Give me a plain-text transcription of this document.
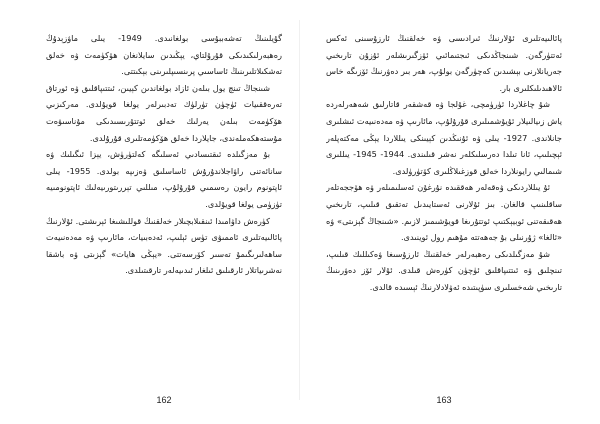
گۇيلىنىڭ تەشەببۇسى بولغانىدى. 1949- يىلى ماۋزېدۇڭ رەھبەرلىكىدىكى قۇرۇلتاي، يېڭىدىن سايلانغان ھۆكۈمەت ۋە خەلق تەشكىلاتلىرىنىڭ ئاساسىي پرىنسىپلىرىنى بېكىتتى.

شىنجاڭ تىنچ يول بىلەن ئازاد بولغاندىن كېيىن، ئىتتىپاقلىق ۋە ئورتاق تەرەققىيات ئۈچۈن تۈرلۈك تەدبىرلەر يولغا قويۇلدى. مەركىزىي ھۆكۈمەت بىلەن يەرلىك خەلق ئوتتۇرىسىدىكى مۇناسىۋەت مۇستەھكەملەندى، جايلاردا خەلق ھۆكۈمەتلىرى قۇرۇلدى.

بۇ مەزگىلدە ئىقتىسادىي ئەسلىگە كەلتۈرۈش، يېزا ئىگىلىك ۋە سانائەتنى راۋاجلاندۇرۇش ئاساسلىق ۋەزىپە بولدى. 1955- يىلى ئاپتونوم رايون رەسمىي قۇرۇلۇپ، مىللىي تېررىتورىيەلىك ئاپتونومىيە تۈزۈمى يولغا قويۇلدى.

كۈرەش داۋامىدا ئىنقىلابچىلار خەلقنىڭ قوللىشىغا ئېرىشتى. ئۇلارنىڭ پائالىيەتلىرى ئاممىۋى تۈس ئېلىپ، ئەدەبىيات، مائارىپ ۋە مەدەنىيەت ساھەلىرىگىمۇ تەسىر كۆرسەتتى. «يېڭى ھايات» گېزىتى ۋە باشقا نەشرىياتلار ئارقىلىق ئىلغار ئىدىيەلەر تارقىتىلدى.

پائالىيەتلىرى ئۇلارنىڭ ئىرادىسى ۋە خەلقنىڭ ئارزۇسىنى ئەكس ئەتتۈرگەن. شىنجاڭدىكى ئىجتىمائىي ئۆزگىرىشلەر ئۇزۇن تارىخىي جەريانلارنى بېشىدىن كەچۈرگەن بولۇپ، ھەر بىر دەۋرنىڭ ئۆزىگە خاس ئالاھىدىلىكلىرى بار.

شۇ چاغلاردا ئۈرۈمچى، غۇلجا ۋە قەشقەر قاتارلىق شەھەرلەردە ياش زىيالىيلار ئۇيۇشمىلىرى قۇرۇلۇپ، مائارىپ ۋە مەدەنىيەت ئىشلىرى جانلاندى. 1927- يىلى ۋە ئۇنىڭدىن كېيىنكى يىللاردا يېڭى مەكتەپلەر ئېچىلىپ، ئانا تىلدا دەرسلىكلەر نەشر قىلىندى. 1944- 1945- يىللىرى شىمالىي رايونلاردا خەلق قوزغىلاڭلىرى كۆتۈرۈلدى.

ئۇ يىللاردىكى ۋەقەلەر ھەققىدە نۇرغۇن ئەسلىمىلەر ۋە ھۆججەتلەر ساقلىنىپ قالغان. بىز ئۇلارنى ئەستايىدىل تەتقىق قىلىپ، تارىخىي ھەقىقەتنى ئوبيېكتىپ ئوتتۇرىغا قويۇشىمىز لازىم. «شىنجاڭ گېزىتى» ۋە «ئالغا» ژۇرنىلى بۇ جەھەتتە مۇھىم رول ئوينىدى.

شۇ مەزگىلدىكى رەھبەرلەر خەلقنىڭ ئارزۇسىغا ۋەكىللىك قىلىپ، تىنچلىق ۋە ئىتتىپاقلىق ئۈچۈن كۈرەش قىلدى. ئۇلار ئۆز دەۋرىنىڭ تارىخىي شەخسلىرى سۈپىتىدە ئەۋلادلارنىڭ ئېسىدە قالدى.

162	163
